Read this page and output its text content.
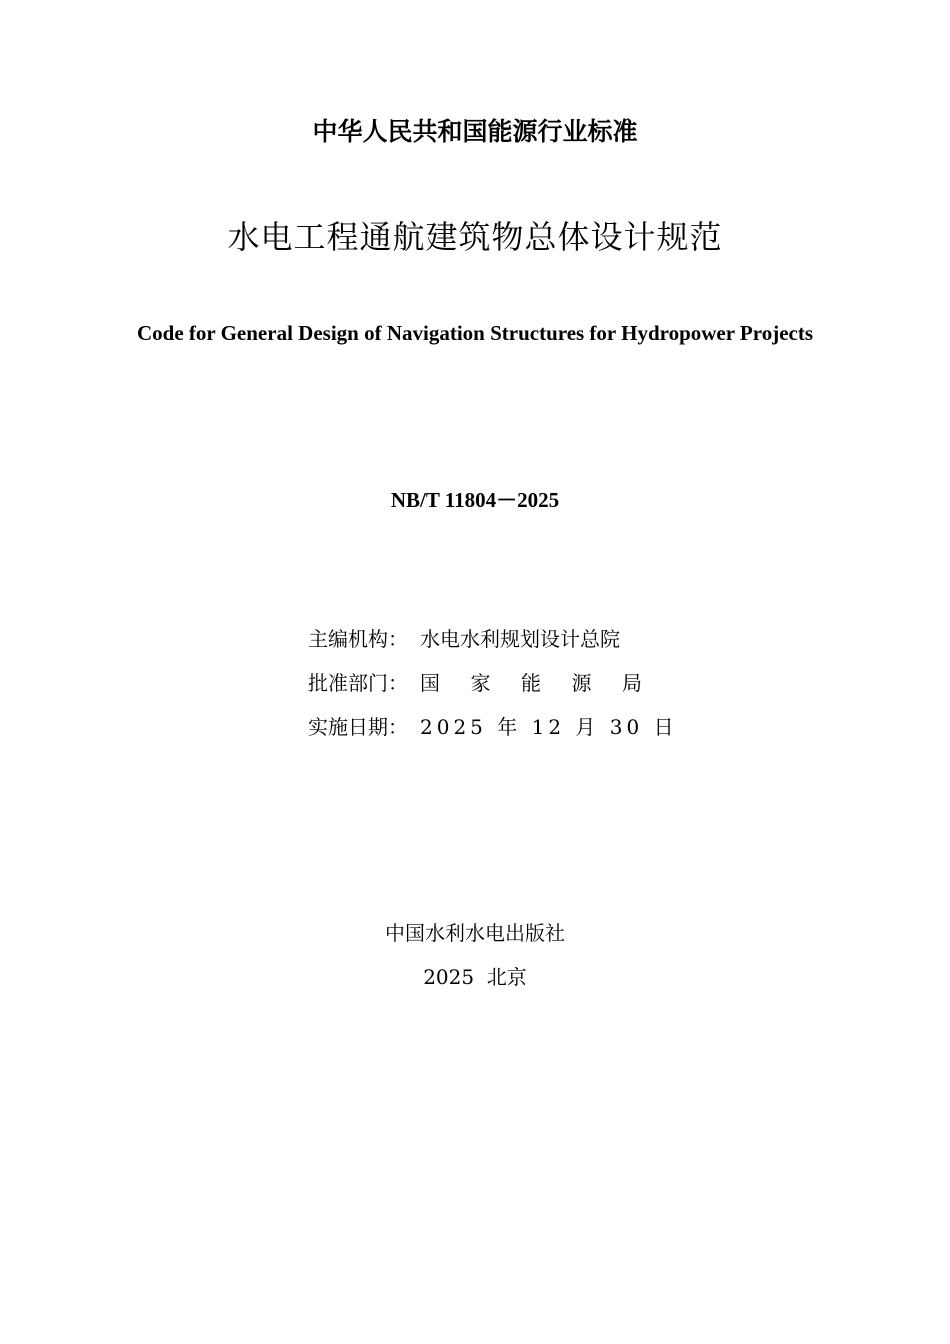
中华人民共和国能源行业标准
水电工程通航建筑物总体设计规范
Code for General Design of Navigation Structures for Hydropower Projects
NB/T 11804－2025
主编机构： 水电水利规划设计总院
批准部门： 国 家 能 源 局
实施日期： 2025 年 12 月 30 日
中国水利水电出版社
2025  北京
